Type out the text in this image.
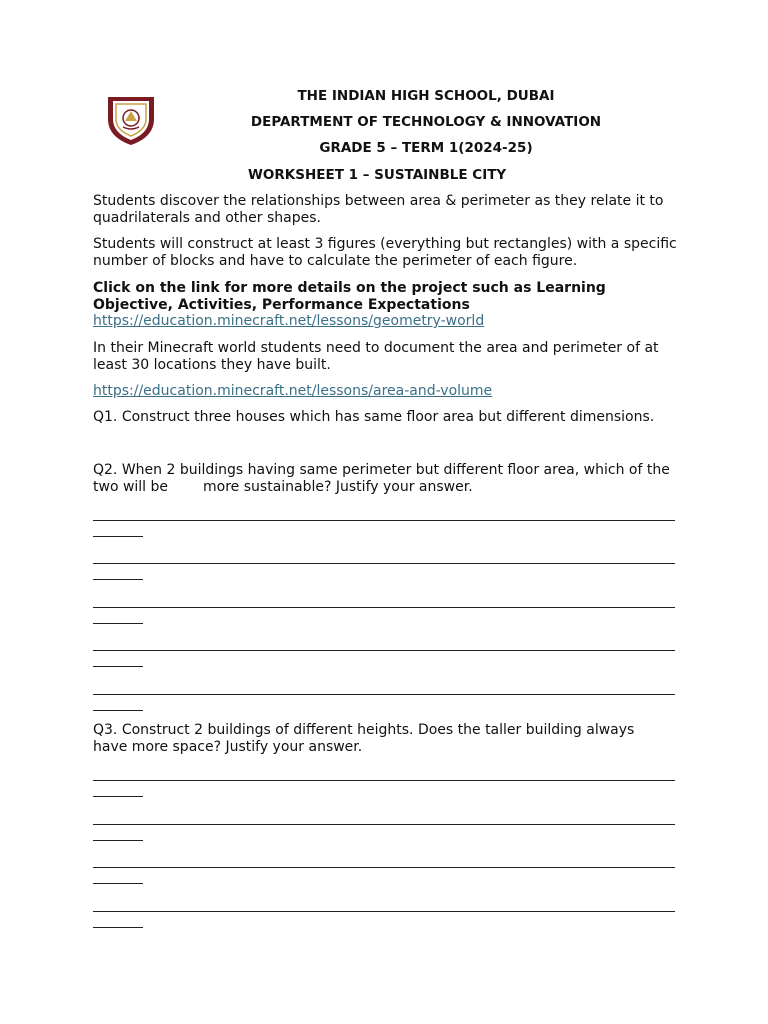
THE INDIAN HIGH SCHOOL, DUBAI
DEPARTMENT OF TECHNOLOGY & INNOVATION
GRADE 5 – TERM 1(2024-25)
WORKSHEET 1 – SUSTAINBLE CITY
Students discover the relationships between area & perimeter as they relate it to quadrilaterals and other shapes.
Students will construct at least 3 figures (everything but rectangles) with a specific number of blocks and have to calculate the perimeter of each figure.
Click on the link for more details on the project such as Learning Objective, Activities, Performance Expectations
https://education.minecraft.net/lessons/geometry-world
In their Minecraft world students need to document the area and perimeter of at least 30 locations they have built.
https://education.minecraft.net/lessons/area-and-volume
Q1. Construct three houses which has same floor area but different dimensions.
Q2. When 2 buildings having same perimeter but different floor area, which of the two will be	more sustainable? Justify your answer.
Q3. Construct 2 buildings of different heights. Does the taller building always have more space? Justify your answer.
